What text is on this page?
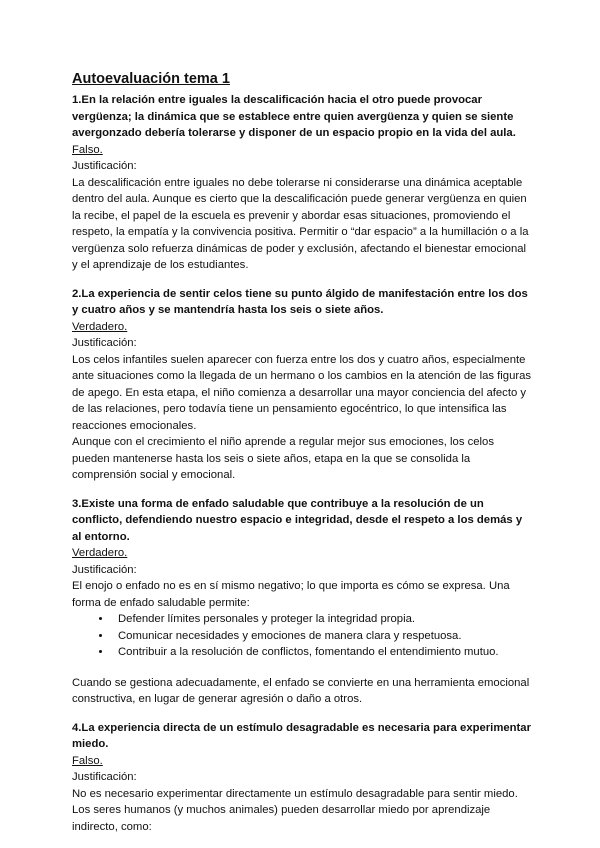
Autoevaluación tema 1

1.En la relación entre iguales la descalificación hacia el otro puede provocar vergüenza; la dinámica que se establece entre quien avergüenza y quien se siente avergonzado debería tolerarse y disponer de un espacio propio en la vida del aula.

Falso.

Justificación:

La descalificación entre iguales no debe tolerarse ni considerarse una dinámica aceptable dentro del aula. Aunque es cierto que la descalificación puede generar vergüenza en quien la recibe, el papel de la escuela es prevenir y abordar esas situaciones, promoviendo el respeto, la empatía y la convivencia positiva. Permitir o “dar espacio” a la humillación o a la vergüenza solo refuerza dinámicas de poder y exclusión, afectando el bienestar emocional y el aprendizaje de los estudiantes.

2.La experiencia de sentir celos tiene su punto álgido de manifestación entre los dos y cuatro años y se mantendría hasta los seis o siete años.

Verdadero.

Justificación:

Los celos infantiles suelen aparecer con fuerza entre los dos y cuatro años, especialmente ante situaciones como la llegada de un hermano o los cambios en la atención de las figuras de apego. En esta etapa, el niño comienza a desarrollar una mayor conciencia del afecto y de las relaciones, pero todavía tiene un pensamiento egocéntrico, lo que intensifica las reacciones emocionales.

Aunque con el crecimiento el niño aprende a regular mejor sus emociones, los celos pueden mantenerse hasta los seis o siete años, etapa en la que se consolida la comprensión social y emocional.

3.Existe una forma de enfado saludable que contribuye a la resolución de un conflicto, defendiendo nuestro espacio e integridad, desde el respeto a los demás y al entorno.

Verdadero.

Justificación:

El enojo o enfado no es en sí mismo negativo; lo que importa es cómo se expresa. Una forma de enfado saludable permite:

• Defender límites personales y proteger la integridad propia.
• Comunicar necesidades y emociones de manera clara y respetuosa.
• Contribuir a la resolución de conflictos, fomentando el entendimiento mutuo.

Cuando se gestiona adecuadamente, el enfado se convierte en una herramienta emocional constructiva, en lugar de generar agresión o daño a otros.

4.La experiencia directa de un estímulo desagradable es necesaria para experimentar miedo.

Falso.

Justificación:

No es necesario experimentar directamente un estímulo desagradable para sentir miedo. Los seres humanos (y muchos animales) pueden desarrollar miedo por aprendizaje indirecto, como:
